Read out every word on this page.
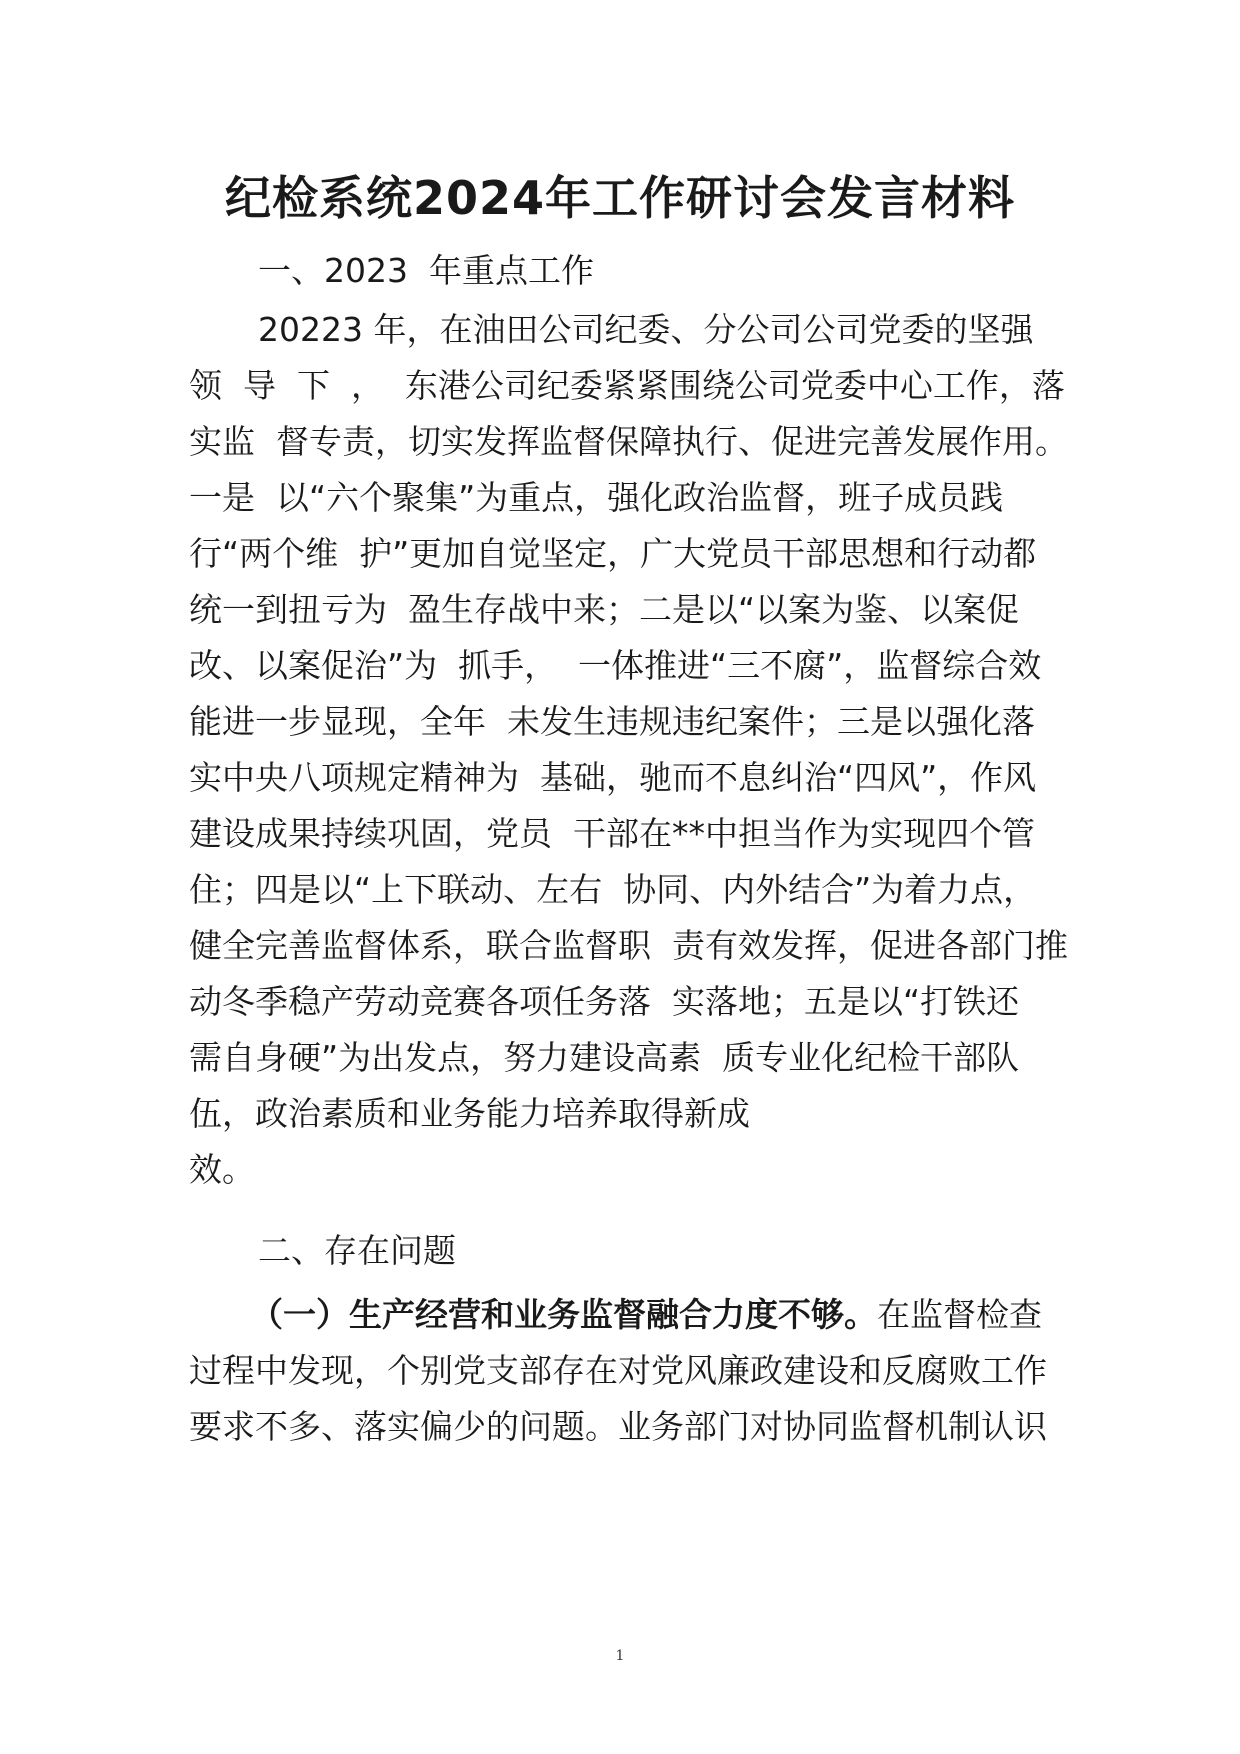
纪检系统2024年工作研讨会发言材料
一、2023  年重点工作
20223 年，在油田公司纪委、分公司公司党委的坚强
领  导  下  ，  东港公司纪委紧紧围绕公司党委中心工作，落
实监  督专责，切实发挥监督保障执行、促进完善发展作用。
一是  以“六个聚集”为重点，强化政治监督，班子成员践
行“两个维  护”更加自觉坚定，广大党员干部思想和行动都
统一到扭亏为  盈生存战中来；二是以“以案为鉴、以案促
改、以案促治”为  抓手，  一体推进“三不腐”，监督综合效
能进一步显现，全年  未发生违规违纪案件；三是以强化落
实中央八项规定精神为  基础，驰而不息纠治“四风”，作风
建设成果持续巩固，党员  干部在**中担当作为实现四个管
住；四是以“上下联动、左右  协同、内外结合”为着力点，
健全完善监督体系，联合监督职  责有效发挥，促进各部门推
动冬季稳产劳动竞赛各项任务落  实落地；五是以“打铁还
需自身硬”为出发点，努力建设高素  质专业化纪检干部队
伍，政治素质和业务能力培养取得新成
效。
二、存在问题
（一）生产经营和业务监督融合力度不够。在监督检查
过程中发现，个别党支部存在对党风廉政建设和反腐败工作
要求不多、落实偏少的问题。业务部门对协同监督机制认识
1
